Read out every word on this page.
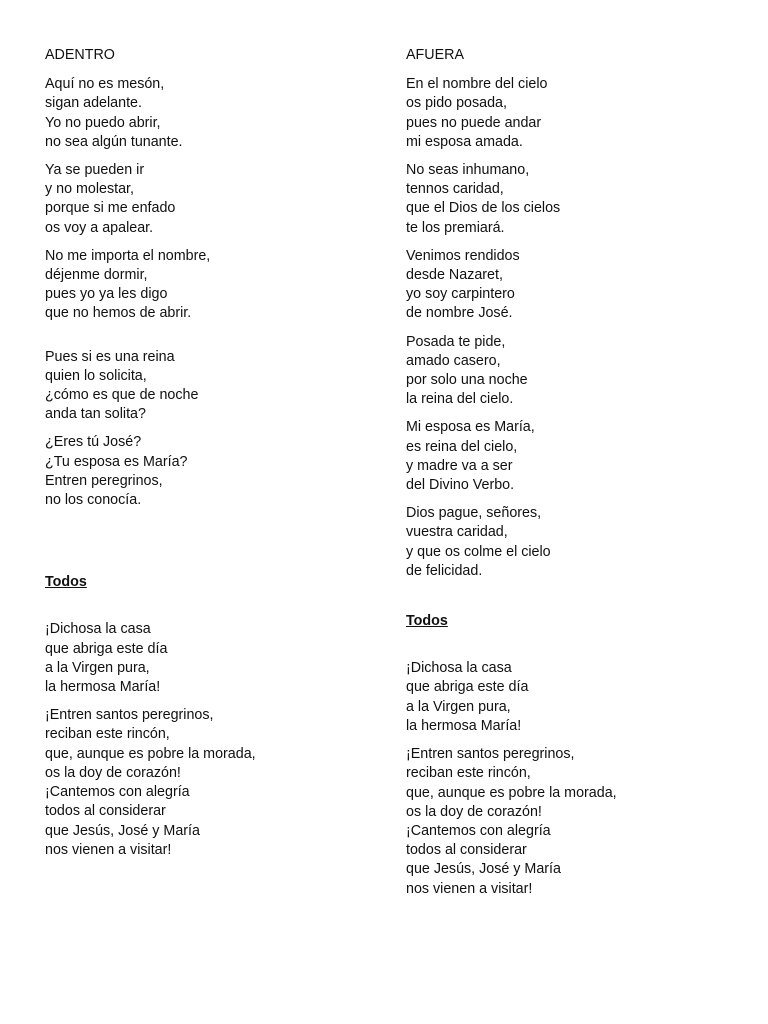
ADENTRO
Aquí no es mesón,
sigan adelante.
Yo no puedo abrir,
no sea algún tunante.
Ya se pueden ir
y no molestar,
porque si me enfado
os voy a apalear.
No me importa el nombre,
déjenme dormir,
pues yo ya les digo
que no hemos de abrir.
Pues si es una reina
quien lo solicita,
¿cómo es que de noche
anda tan solita?
¿Eres tú José?
¿Tu esposa es María?
Entren peregrinos,
no los conocía.
Todos
¡Dichosa la casa
que abriga este día
a la Virgen pura,
la hermosa María!
¡Entren santos peregrinos,
reciban este rincón,
que, aunque es pobre la morada,
os la doy de corazón!
¡Cantemos con alegría
todos al considerar
que Jesús, José y María
nos vienen a visitar!
AFUERA
En el nombre del cielo
os pido posada,
pues no puede andar
mi esposa amada.
No seas inhumano,
tennos caridad,
que el Dios de los cielos
te los premiará.
Venimos rendidos
desde Nazaret,
yo soy carpintero
de nombre José.
Posada te pide,
amado casero,
por solo una noche
la reina del cielo.
Mi esposa es María,
es reina del cielo,
y madre va a ser
del Divino Verbo.
Dios pague, señores,
vuestra caridad,
y que os colme el cielo
de felicidad.
Todos
¡Dichosa la casa
que abriga este día
a la Virgen pura,
la hermosa María!
¡Entren santos peregrinos,
reciban este rincón,
que, aunque es pobre la morada,
os la doy de corazón!
¡Cantemos con alegría
todos al considerar
que Jesús, José y María
nos vienen a visitar!
